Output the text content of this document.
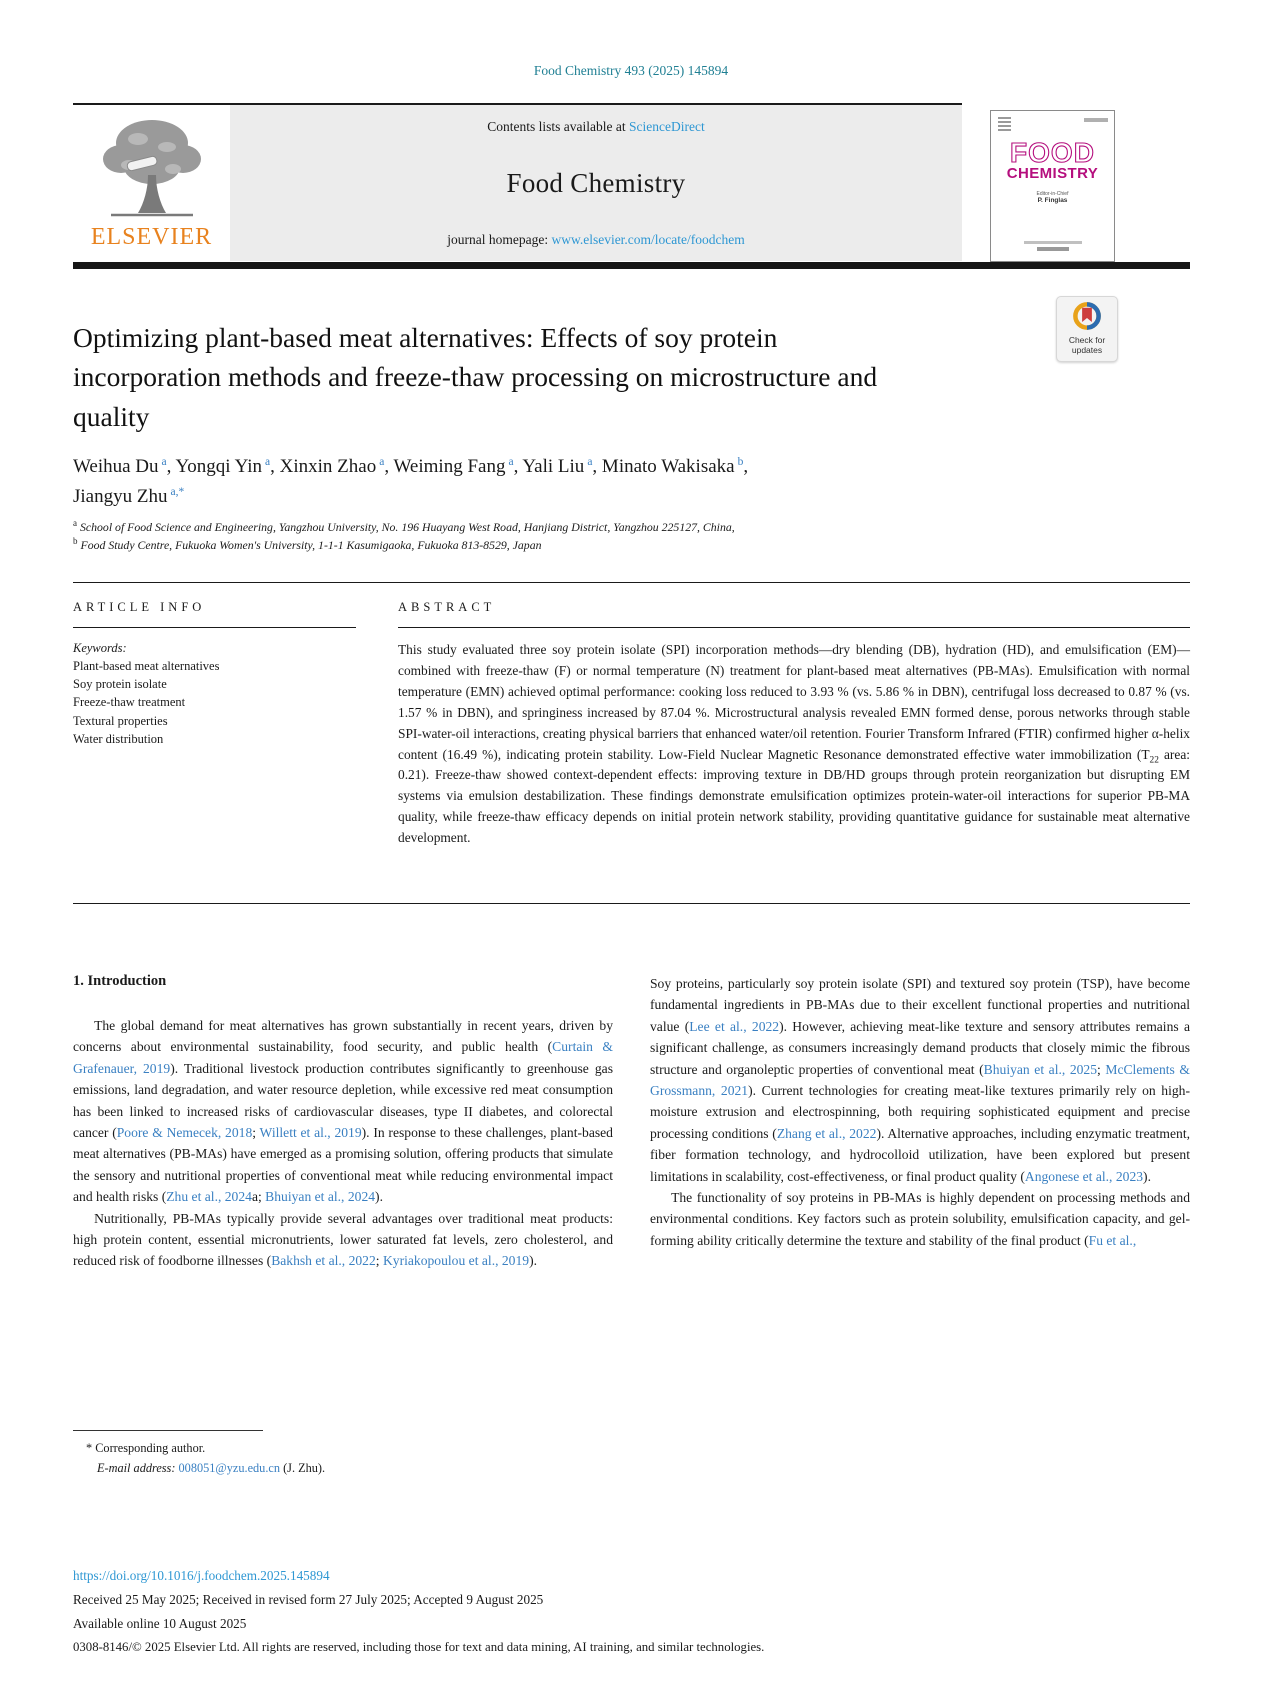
Food Chemistry 493 (2025) 145894
ELSEVIER
Contents lists available at ScienceDirect
Food Chemistry
journal homepage: www.elsevier.com/locate/foodchem
FOOD
CHEMISTRY
Editor-in-Chief
P. Finglas
Check for updates
Optimizing plant-based meat alternatives: Effects of soy protein incorporation methods and freeze-thaw processing on microstructure and quality
Weihua Du $^a$, Yongqi Yin $^a$, Xinxin Zhao $^a$, Weiming Fang $^a$, Yali Liu $^a$, Minato Wakisaka $^b$,
Jiangyu Zhu $^{a,*}$
$^a$ School of Food Science and Engineering, Yangzhou University, No. 196 Huayang West Road, Hanjiang District, Yangzhou 225127, China,
$^b$ Food Study Centre, Fukuoka Women's University, 1-1-1 Kasumigaoka, Fukuoka 813-8529, Japan
ARTICLE INFO
Keywords:
Plant-based meat alternatives
Soy protein isolate
Freeze-thaw treatment
Textural properties
Water distribution
ABSTRACT
This study evaluated three soy protein isolate (SPI) incorporation methods—dry blending (DB), hydration (HD), and emulsification (EM)—combined with freeze-thaw (F) or normal temperature (N) treatment for plant-based meat alternatives (PB-MAs). Emulsification with normal temperature (EMN) achieved optimal performance: cooking loss reduced to 3.93 % (vs. 5.86 % in DBN), centrifugal loss decreased to 0.87 % (vs. 1.57 % in DBN), and springiness increased by 87.04 %. Microstructural analysis revealed EMN formed dense, porous networks through stable SPI-water-oil interactions, creating physical barriers that enhanced water/oil retention. Fourier Transform Infrared (FTIR) confirmed higher α-helix content (16.49 %), indicating protein stability. Low-Field Nuclear Magnetic Resonance demonstrated effective water immobilization ($T_{22}$ area: 0.21). Freeze-thaw showed context-dependent effects: improving texture in DB/HD groups through protein reorganization but disrupting EM systems via emulsion destabilization. These findings demonstrate emulsification optimizes protein-water-oil interactions for superior PB-MA quality, while freeze-thaw efficacy depends on initial protein network stability, providing quantitative guidance for sustainable meat alternative development.
1. Introduction

The global demand for meat alternatives has grown substantially in recent years, driven by concerns about environmental sustainability, food security, and public health (Curtain & Grafenauer, 2019). Traditional livestock production contributes significantly to greenhouse gas emissions, land degradation, and water resource depletion, while excessive red meat consumption has been linked to increased risks of cardiovascular diseases, type II diabetes, and colorectal cancer (Poore & Nemecek, 2018; Willett et al., 2019). In response to these challenges, plant-based meat alternatives (PB-MAs) have emerged as a promising solution, offering products that simulate the sensory and nutritional properties of conventional meat while reducing environmental impact and health risks (Zhu et al., 2024a; Bhuiyan et al., 2024).

Nutritionally, PB-MAs typically provide several advantages over traditional meat products: high protein content, essential micronutrients, lower saturated fat levels, zero cholesterol, and reduced risk of foodborne illnesses (Bakhsh et al., 2022; Kyriakopoulou et al., 2019).

Soy proteins, particularly soy protein isolate (SPI) and textured soy protein (TSP), have become fundamental ingredients in PB-MAs due to their excellent functional properties and nutritional value (Lee et al., 2022). However, achieving meat-like texture and sensory attributes remains a significant challenge, as consumers increasingly demand products that closely mimic the fibrous structure and organoleptic properties of conventional meat (Bhuiyan et al., 2025; McClements & Grossmann, 2021). Current technologies for creating meat-like textures primarily rely on high-moisture extrusion and electrospinning, both requiring sophisticated equipment and precise processing conditions (Zhang et al., 2022). Alternative approaches, including enzymatic treatment, fiber formation technology, and hydrocolloid utilization, have been explored but present limitations in scalability, cost-effectiveness, or final product quality (Angonese et al., 2023).

The functionality of soy proteins in PB-MAs is highly dependent on processing methods and environmental conditions. Key factors such as protein solubility, emulsification capacity, and gel-forming ability critically determine the texture and stability of the final product (Fu et al.,

* Corresponding author.
E-mail address: 008051@yzu.edu.cn (J. Zhu).
https://doi.org/10.1016/j.foodchem.2025.145894
Received 25 May 2025; Received in revised form 27 July 2025; Accepted 9 August 2025
Available online 10 August 2025
0308-8146/© 2025 Elsevier Ltd. All rights are reserved, including those for text and data mining, AI training, and similar technologies.
